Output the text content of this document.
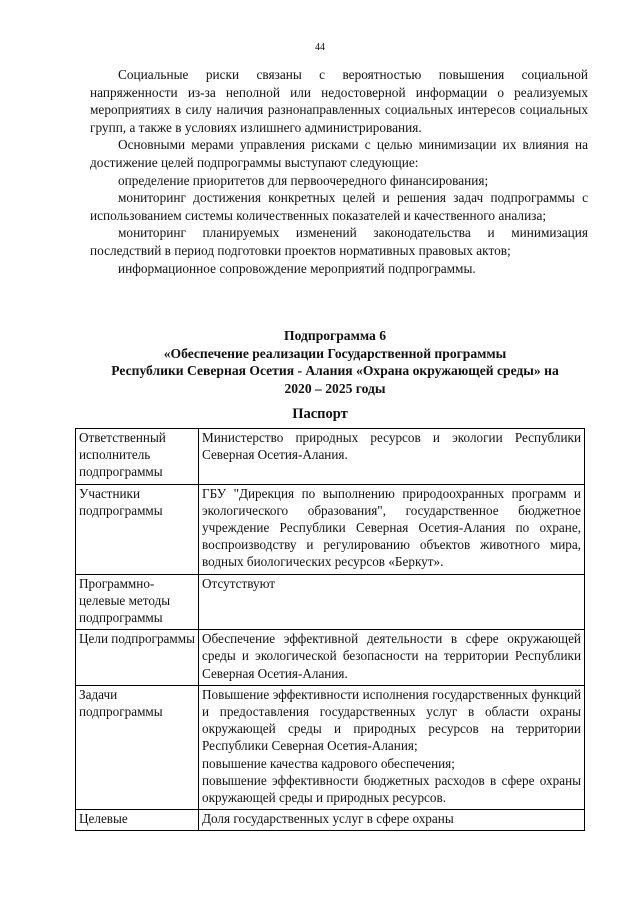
44

Социальные риски связаны с вероятностью повышения социальной напряженности из-за неполной или недостоверной информации о реализуемых мероприятиях в силу наличия разнонаправленных социальных интересов социальных групп, а также в условиях излишнего администрирования.

Основными мерами управления рисками с целью минимизации их влияния на достижение целей подпрограммы выступают следующие:

определение приоритетов для первоочередного финансирования;

мониторинг достижения конкретных целей и решения задач подпрограммы с использованием системы количественных показателей и качественного анализа;

мониторинг планируемых изменений законодательства и минимизация последствий в период подготовки проектов нормативных правовых актов;

информационное сопровождение мероприятий подпрограммы.

Подпрограмма 6
«Обеспечение реализации Государственной программы
Республики Северная Осетия - Алания «Охрана окружающей среды» на
2020 – 2025 годы
Паспорт
Ответственный исполнитель подпрограммы	Министерство природных ресурсов и экологии Республики Северная Осетия-Алания.

Участники подпрограммы	ГБУ "Дирекция по выполнению природоохранных программ и экологического образования", государственное бюджетное учреждение Республики Северная Осетия-Алания по охране, воспроизводству и регулированию объектов животного мира, водных биологических ресурсов «Беркут».

Программно-целевые методы подпрограммы	Отсутствуют

Цели подпрограммы	Обеспечение эффективной деятельности в сфере окружающей среды и экологической безопасности на территории Республики Северная Осетия-Алания.

Задачи подпрограммы	Повышение эффективности исполнения государственных функций и предоставления государственных услуг в области охраны окружающей среды и природных ресурсов на территории Республики Северная Осетия-Алания;
повышение качества кадрового обеспечения;
повышение эффективности бюджетных расходов в сфере охраны окружающей среды и природных ресурсов.

Целевые	Доля государственных услуг в сфере охраны
